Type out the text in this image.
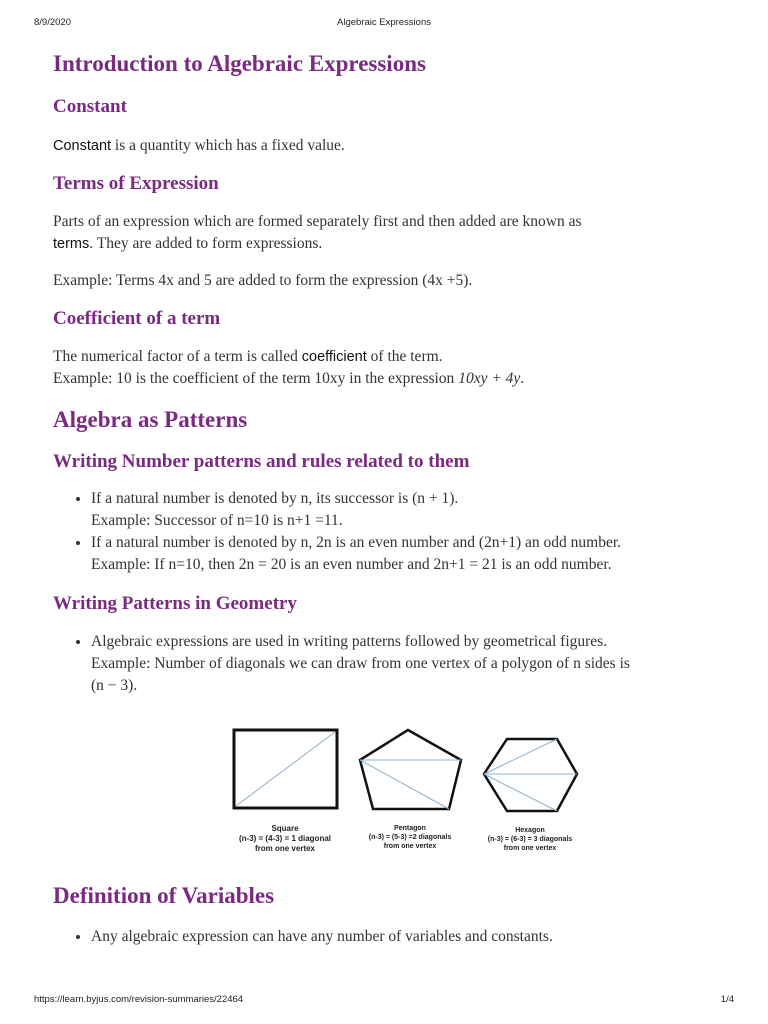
8/9/2020	Algebraic Expressions
Introduction to Algebraic Expressions
Constant

Constant is a quantity which has a fixed value.

Terms of Expression

Parts of an expression which are formed separately first and then added are known as
terms. They are added to form expressions.

Example: Terms 4x and 5 are added to form the expression (4x +5).

Coefficient of a term

The numerical factor of a term is called coefficient of the term.
Example: 10 is the coefficient of the term 10xy in the expression 10xy + 4y.

Algebra as Patterns
Writing Number patterns and rules related to them
• If a natural number is denoted by n, its successor is (n + 1).
Example: Successor of n=10 is n+1 =11.
• If a natural number is denoted by n, 2n is an even number and (2n+1) an odd number.
Example: If n=10, then 2n = 20 is an even number and 2n+1 = 21 is an odd number.
Writing Patterns in Geometry
• Algebraic expressions are used in writing patterns followed by geometrical figures.
Example: Number of diagonals we can draw from one vertex of a polygon of n sides is
(n − 3).
Square
(n-3) = (4-3) = 1 diagonal
from one vertex
Pentagon
(n-3) = (5-3) =2 diagonals
from one vertex
Hexagon
(n-3) = (6-3) = 3 diagonals
from one vertex
Definition of Variables
• Any algebraic expression can have any number of variables and constants.
https://learn.byjus.com/revision-summaries/22464	1/4
